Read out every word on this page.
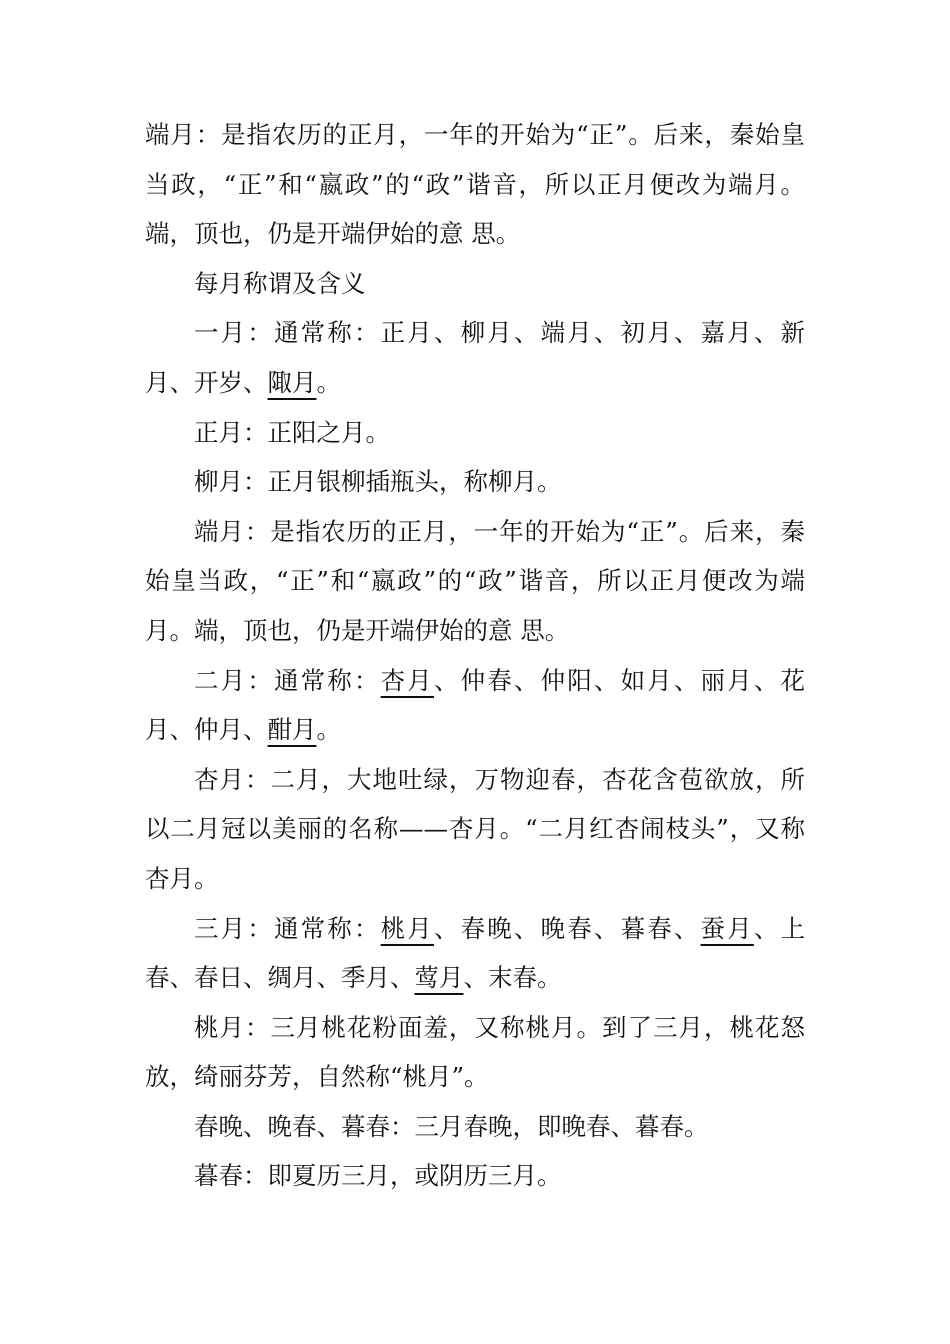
端月：是指农历的正月，一年的开始为“正”。后来，秦始皇当政，“正”和“嬴政”的“政”谐音，所以正月便改为端月。端，顶也，仍是开端伊始的意 思。

每月称谓及含义

一月：通常称：正月、柳月、端月、初月、嘉月、新月、开岁、陬月。

正月：正阳之月。

柳月：正月银柳插瓶头，称柳月。

端月：是指农历的正月，一年的开始为“正”。后来，秦始皇当政，“正”和“嬴政”的“政”谐音，所以正月便改为端月。端，顶也，仍是开端伊始的意 思。

二月：通常称：杏月、仲春、仲阳、如月、丽月、花月、仲月、酣月。

杏月：二月，大地吐绿，万物迎春，杏花含苞欲放，所以二月冠以美丽的名称——杏月。“二月红杏闹枝头”，又称杏月。

三月：通常称：桃月、春晚、晚春、暮春、蚕月、上春、春日、绸月、季月、莺月、末春。

桃月：三月桃花粉面羞，又称桃月。到了三月，桃花怒放，绮丽芬芳，自然称“桃月”。

春晚、晚春、暮春：三月春晚，即晚春、暮春。

暮春：即夏历三月，或阴历三月。
